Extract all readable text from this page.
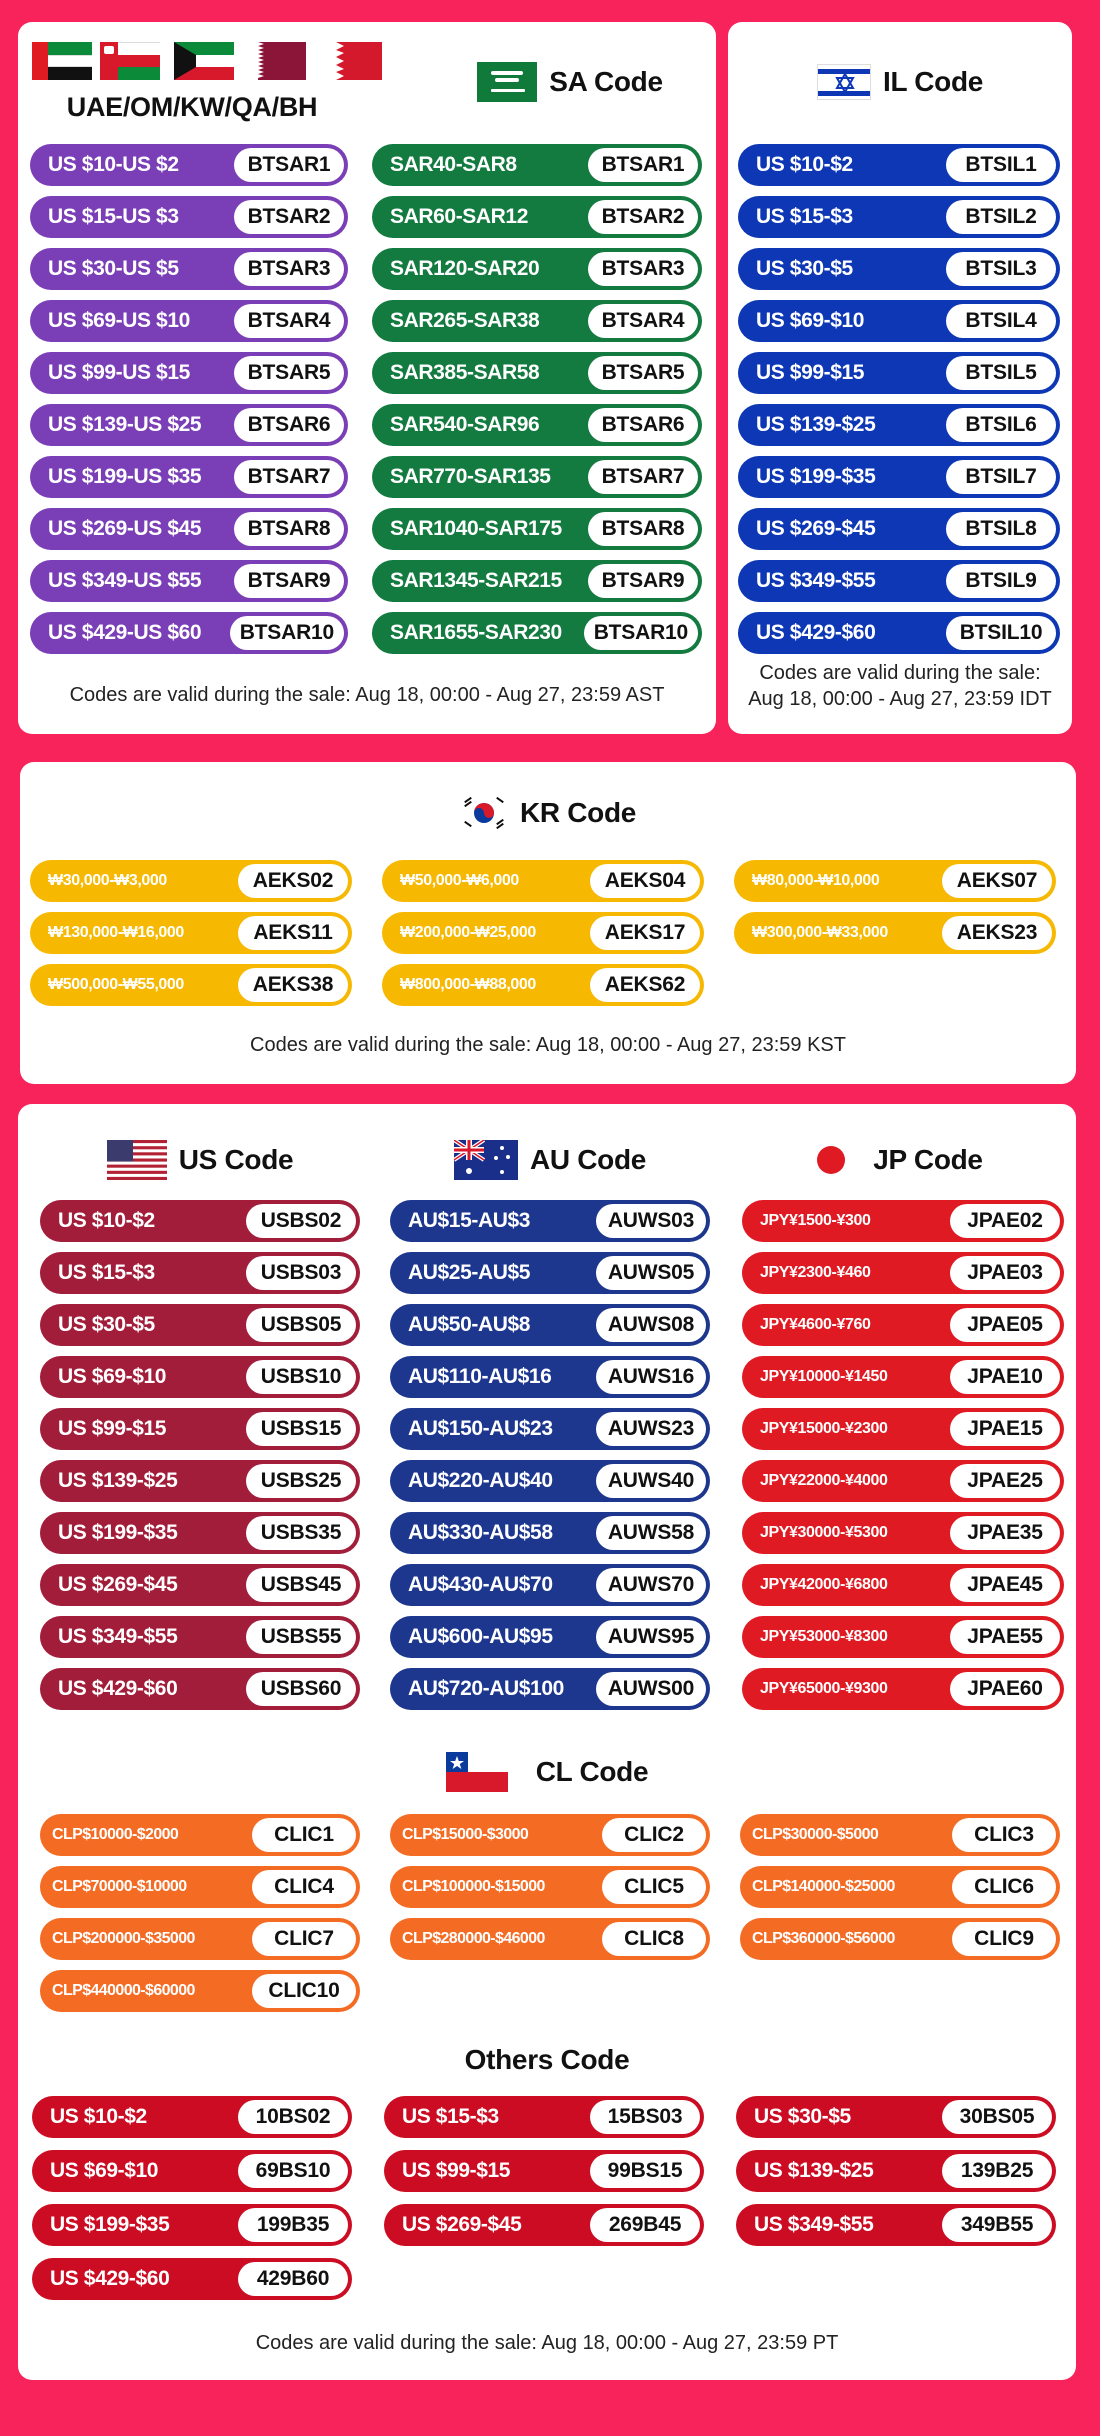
UAE/OM/KW/QA/BH
SA Code
US $10-US $2	BTSAR1
US $15-US $3	BTSAR2
US $30-US $5	BTSAR3
US $69-US $10	BTSAR4
US $99-US $15	BTSAR5
US $139-US $25	BTSAR6
US $199-US $35	BTSAR7
US $269-US $45	BTSAR8
US $349-US $55	BTSAR9
US $429-US $60	BTSAR10
SAR40-SAR8	BTSAR1
SAR60-SAR12	BTSAR2
SAR120-SAR20	BTSAR3
SAR265-SAR38	BTSAR4
SAR385-SAR58	BTSAR5
SAR540-SAR96	BTSAR6
SAR770-SAR135	BTSAR7
SAR1040-SAR175	BTSAR8
SAR1345-SAR215	BTSAR9
SAR1655-SAR230	BTSAR10
Codes are valid during the sale: Aug 18, 00:00 - Aug 27, 23:59 AST
IL Code
US $10-$2	BTSIL1
US $15-$3	BTSIL2
US $30-$5	BTSIL3
US $69-$10	BTSIL4
US $99-$15	BTSIL5
US $139-$25	BTSIL6
US $199-$35	BTSIL7
US $269-$45	BTSIL8
US $349-$55	BTSIL9
US $429-$60	BTSIL10
Codes are valid during the sale:
Aug 18, 00:00 - Aug 27, 23:59 IDT
KR Code
₩30,000-₩3,000	AEKS02	₩50,000-₩6,000	AEKS04	₩80,000-₩10,000	AEKS07
₩130,000-₩16,000	AEKS11	₩200,000-₩25,000	AEKS17	₩300,000-₩33,000	AEKS23
₩500,000-₩55,000	AEKS38	₩800,000-₩88,000	AEKS62
Codes are valid during the sale: Aug 18, 00:00 - Aug 27, 23:59 KST
US Code	AU Code	JP Code
US $10-$2	USBS02
US $15-$3	USBS03
US $30-$5	USBS05
US $69-$10	USBS10
US $99-$15	USBS15
US $139-$25	USBS25
US $199-$35	USBS35
US $269-$45	USBS45
US $349-$55	USBS55
US $429-$60	USBS60
AU$15-AU$3	AUWS03
AU$25-AU$5	AUWS05
AU$50-AU$8	AUWS08
AU$110-AU$16	AUWS16
AU$150-AU$23	AUWS23
AU$220-AU$40	AUWS40
AU$330-AU$58	AUWS58
AU$430-AU$70	AUWS70
AU$600-AU$95	AUWS95
AU$720-AU$100	AUWS00
JPY¥1500-¥300	JPAE02
JPY¥2300-¥460	JPAE03
JPY¥4600-¥760	JPAE05
JPY¥10000-¥1450	JPAE10
JPY¥15000-¥2300	JPAE15
JPY¥22000-¥4000	JPAE25
JPY¥30000-¥5300	JPAE35
JPY¥42000-¥6800	JPAE45
JPY¥53000-¥8300	JPAE55
JPY¥65000-¥9300	JPAE60
CL Code
CLP$10000-$2000	CLIC1	CLP$15000-$3000	CLIC2	CLP$30000-$5000	CLIC3
CLP$70000-$10000	CLIC4	CLP$100000-$15000	CLIC5	CLP$140000-$25000	CLIC6
CLP$200000-$35000	CLIC7	CLP$280000-$46000	CLIC8	CLP$360000-$56000	CLIC9
CLP$440000-$60000	CLIC10
Others Code
US $10-$2	10BS02	US $15-$3	15BS03	US $30-$5	30BS05
US $69-$10	69BS10	US $99-$15	99BS15	US $139-$25	139B25
US $199-$35	199B35	US $269-$45	269B45	US $349-$55	349B55
US $429-$60	429B60
Codes are valid during the sale: Aug 18, 00:00 - Aug 27, 23:59 PT
